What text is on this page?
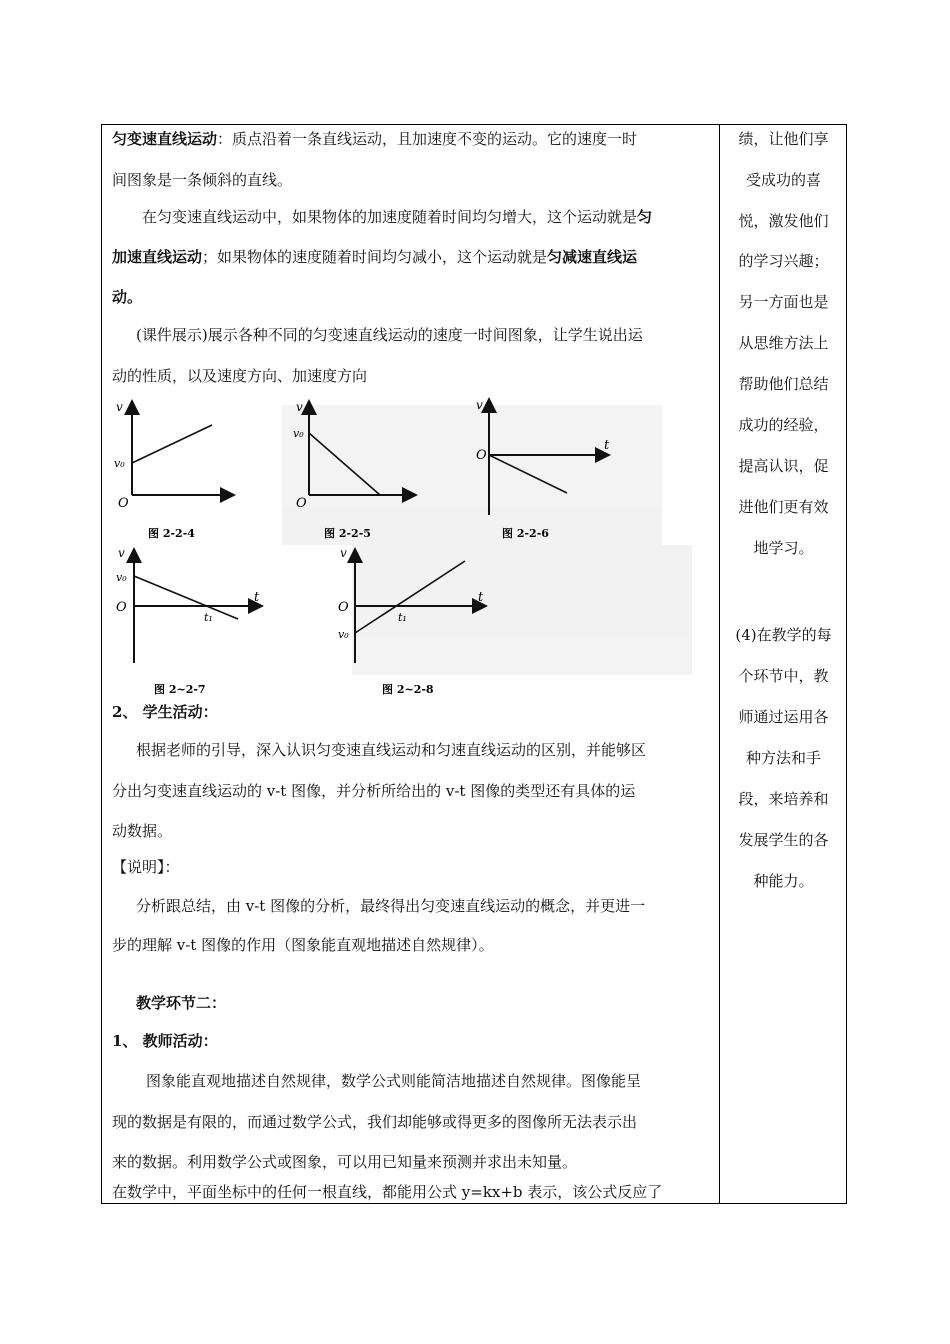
匀变速直线运动：质点沿着一条直线运动，且加速度不变的运动。它的速度一时
间图象是一条倾斜的直线。
在匀变速直线运动中，如果物体的加速度随着时间均匀增大，这个运动就是匀
加速直线运动；如果物体的速度随着时间均匀减小，这个运动就是匀减速直线运
动。
(课件展示)展示各种不同的匀变速直线运动的速度一时间图象，让学生说出运
动的性质，以及速度方向、加速度方向
v
v₀
O
图 2-2-4
v
v₀
O
图 2-2-5
v
O
t
图 2-2-6
v
v₀
O
t₁
t
图 2~2-7
v
O
v₀
t₁
t
图 2~2-8
2、 学生活动：
根据老师的引导，深入认识匀变速直线运动和匀速直线运动的区别，并能够区
分出匀变速直线运动的 v-t 图像，并分析所给出的 v-t 图像的类型还有具体的运
动数据。
【说明】：
分析跟总结，由 v-t 图像的分析，最终得出匀变速直线运动的概念，并更进一
步的理解 v-t 图像的作用（图象能直观地描述自然规律）。
教学环节二：
1、 教师活动：
图象能直观地描述自然规律，数学公式则能简洁地描述自然规律。图像能呈
现的数据是有限的，而通过数学公式，我们却能够或得更多的图像所无法表示出
来的数据。利用数学公式或图象，可以用已知量来预测并求出未知量。
在数学中，平面坐标中的任何一根直线，都能用公式 y=kx+b 表示，该公式反应了
绩，让他们享
受成功的喜
悦，激发他们
的学习兴趣；
另一方面也是
从思维方法上
帮助他们总结
成功的经验，
提高认识，促
进他们更有效
地学习。
(4)在教学的每
个环节中，教
师通过运用各
种方法和手
段，来培养和
发展学生的各
种能力。
